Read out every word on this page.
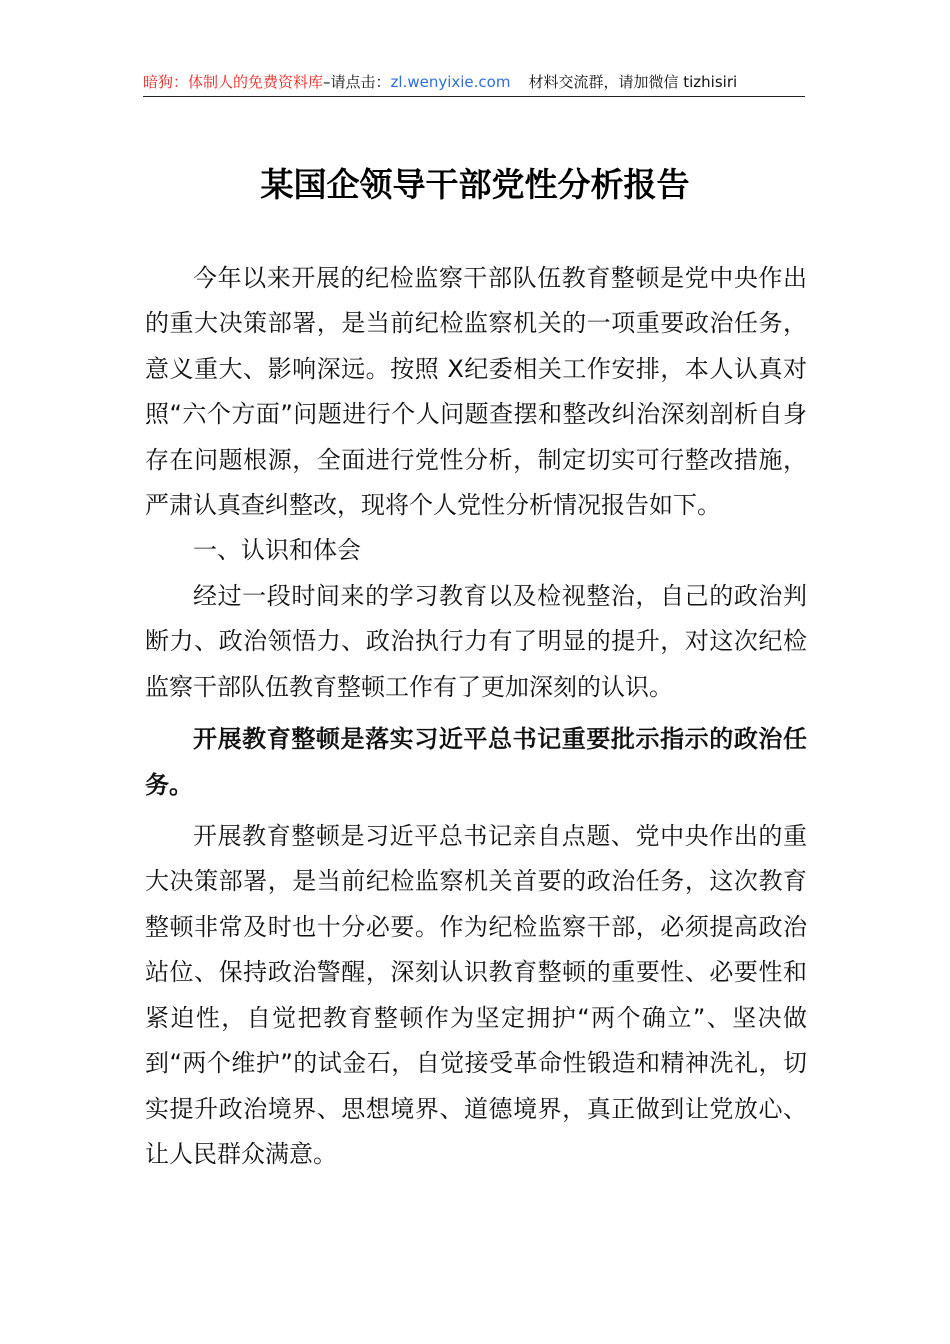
暗狗：体制人的免费资料库–请点击：zl.wenyixie.com 材料交流群，请加微信 tizhisiri
某国企领导干部党性分析报告

今年以来开展的纪检监察干部队伍教育整顿是党中央作出的重大决策部署，是当前纪检监察机关的一项重要政治任务，意义重大、影响深远。按照 X纪委相关工作安排，本人认真对照“六个方面”问题进行个人问题查摆和整改纠治深刻剖析自身存在问题根源，全面进行党性分析，制定切实可行整改措施，严肃认真查纠整改，现将个人党性分析情况报告如下。

一、认识和体会

经过一段时间来的学习教育以及检视整治，自己的政治判断力、政治领悟力、政治执行力有了明显的提升，对这次纪检监察干部队伍教育整顿工作有了更加深刻的认识。

开展教育整顿是落实习近平总书记重要批示指示的政治任务。

开展教育整顿是习近平总书记亲自点题、党中央作出的重大决策部署，是当前纪检监察机关首要的政治任务，这次教育整顿非常及时也十分必要。作为纪检监察干部，必须提高政治站位、保持政治警醒，深刻认识教育整顿的重要性、必要性和紧迫性，自觉把教育整顿作为坚定拥护“两个确立”、坚决做到“两个维护”的试金石，自觉接受革命性锻造和精神洗礼，切实提升政治境界、思想境界、道德境界，真正做到让党放心、让人民群众满意。
